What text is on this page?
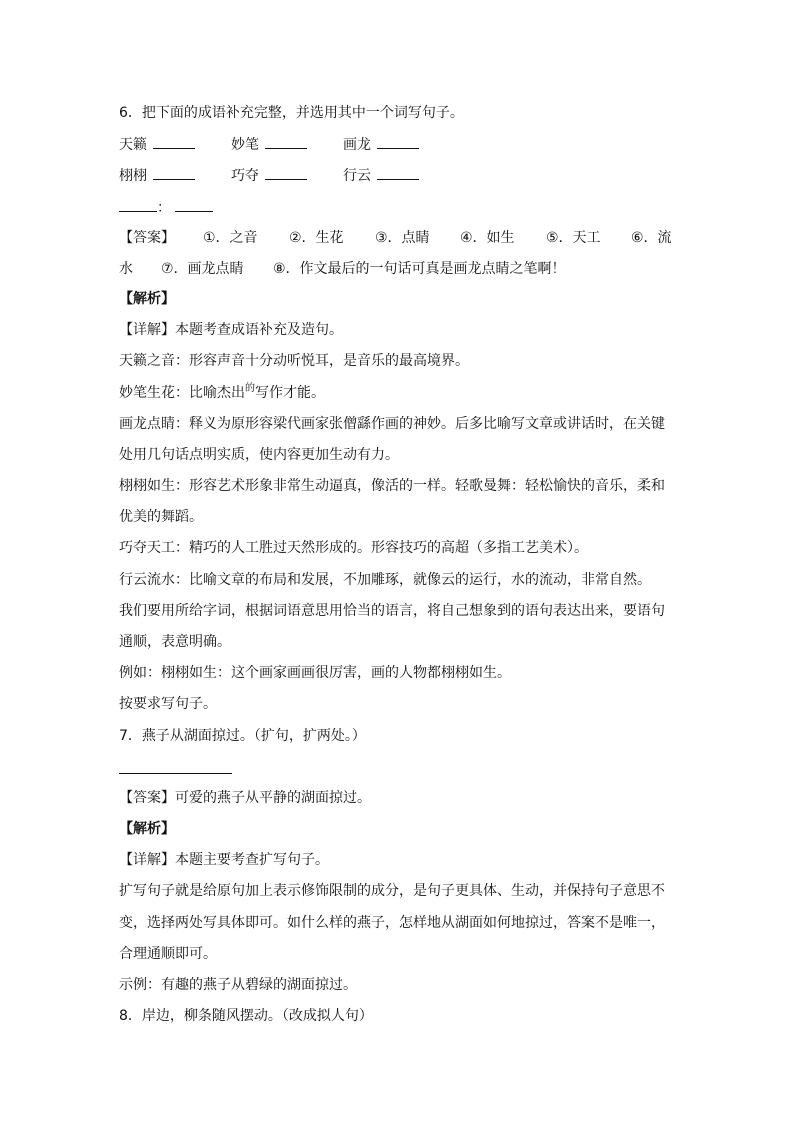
6．把下面的成语补充完整，并选用其中一个词写句子。
天籁	妙笔	画龙
栩栩	巧夺	行云
：
【答案】 ①．之音 ②．生花 ③．点睛 ④．如生 ⑤．天工 ⑥．流
水 ⑦．画龙点睛 ⑧．作文最后的一句话可真是画龙点睛之笔啊！
【解析】
【详解】本题考查成语补充及造句。
天籁之音：形容声音十分动听悦耳，是音乐的最高境界。
妙笔生花：比喻杰出$^的$写作才能。
画龙点睛：释义为原形容梁代画家张僧繇作画的神妙。后多比喻写文章或讲话时，在关键
处用几句话点明实质，使内容更加生动有力。
栩栩如生：形容艺术形象非常生动逼真，像活的一样。轻歌曼舞：轻松愉快的音乐，柔和
优美的舞蹈。
巧夺天工：精巧的人工胜过天然形成的。形容技巧的高超（多指工艺美术）。
行云流水：比喻文章的布局和发展，不加雕琢，就像云的运行，水的流动，非常自然。
我们要用所给字词，根据词语意思用恰当的语言，将自己想象到的语句表达出来，要语句
通顺，表意明确。
例如：栩栩如生：这个画家画画很厉害，画的人物都栩栩如生。
按要求写句子。
7．燕子从湖面掠过。（扩句，扩两处。）
【答案】可爱的燕子从平静的湖面掠过。
【解析】
【详解】本题主要考查扩写句子。
扩写句子就是给原句加上表示修饰限制的成分，是句子更具体、生动，并保持句子意思不
变，选择两处写具体即可。如什么样的燕子，怎样地从湖面如何地掠过，答案不是唯一，
合理通顺即可。
示例：有趣的燕子从碧绿的湖面掠过。
8．岸边，柳条随风摆动。（改成拟人句）
